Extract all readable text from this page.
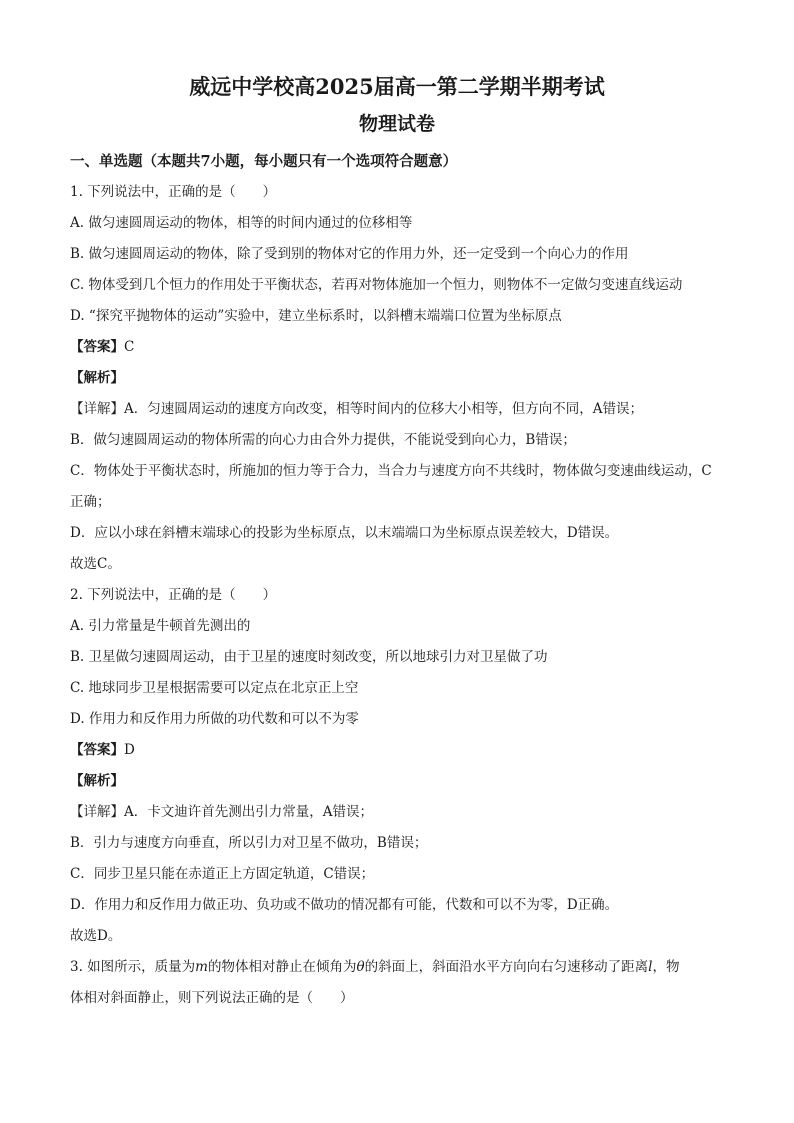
威远中学校高2025届高一第二学期半期考试
物理试卷
一、单选题（本题共7小题，每小题只有一个选项符合题意）
1. 下列说法中，正确的是（　　）
A. 做匀速圆周运动的物体，相等的时间内通过的位移相等
B. 做匀速圆周运动的物体，除了受到别的物体对它的作用力外，还一定受到一个向心力的作用
C. 物体受到几个恒力的作用处于平衡状态，若再对物体施加一个恒力，则物体不一定做匀变速直线运动
D. “探究平抛物体的运动”实验中，建立坐标系时，以斜槽末端端口位置为坐标原点
【答案】C
【解析】
【详解】A．匀速圆周运动的速度方向改变，相等时间内的位移大小相等，但方向不同，A错误；
B．做匀速圆周运动的物体所需的向心力由合外力提供，不能说受到向心力，B错误；
C．物体处于平衡状态时，所施加的恒力等于合力，当合力与速度方向不共线时，物体做匀变速曲线运动，C
正确；
D．应以小球在斜槽末端球心的投影为坐标原点，以末端端口为坐标原点误差较大，D错误。
故选C。
2. 下列说法中，正确的是（　　）
A. 引力常量是牛顿首先测出的
B. 卫星做匀速圆周运动，由于卫星的速度时刻改变，所以地球引力对卫星做了功
C. 地球同步卫星根据需要可以定点在北京正上空
D. 作用力和反作用力所做的功代数和可以不为零
【答案】D
【解析】
【详解】A．卡文迪许首先测出引力常量，A错误；
B．引力与速度方向垂直，所以引力对卫星不做功，B错误；
C．同步卫星只能在赤道正上方固定轨道，C错误；
D．作用力和反作用力做正功、负功或不做功的情况都有可能，代数和可以不为零，D正确。
故选D。
3. 如图所示，质量为m的物体相对静止在倾角为θ的斜面上，斜面沿水平方向向右匀速移动了距离l，物
体相对斜面静止，则下列说法正确的是（　　）
